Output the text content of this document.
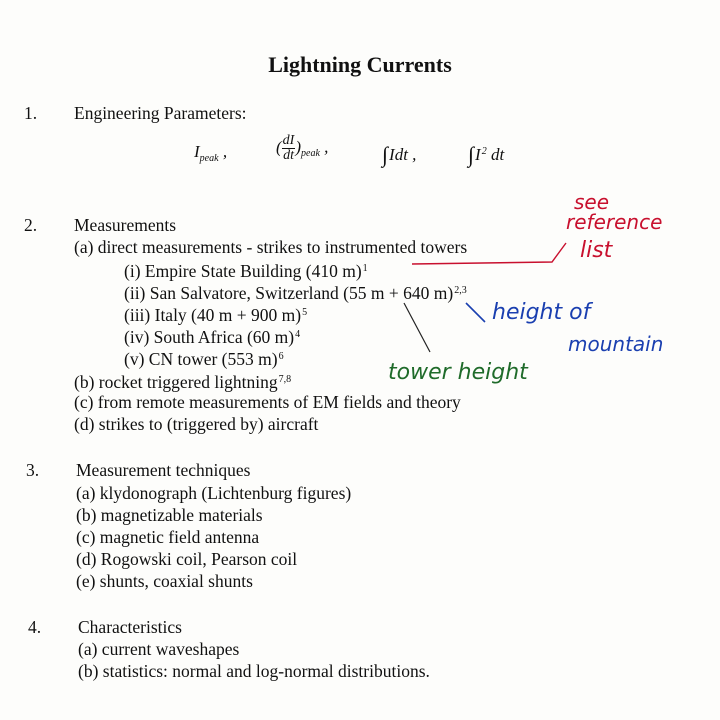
Lightning Currents
1. Engineering Parameters:
$I_{peak}$ ,	( $\frac{dI}{dt} )_{peak}$ , ∫Idt , $\int I^2$ dt
2. Measurements
(a) direct measurements - strikes to instrumented towers
(i) Empire State Building (410 m)$^1$
(ii) San Salvatore, Switzerland (55 m + 640 m)$^{2,3}$
(iii) Italy (40 m + 900 m)$^5$
(iv) South Africa (60 m)$^4$
(v) CN tower (553 m)$^6$
(b) rocket triggered lightning$^{7,8}$
(c) from remote measurements of EM fields and theory
(d) strikes to (triggered by) aircraft
3. Measurement techniques
(a) klydonograph (Lichtenburg figures)
(b) magnetizable materials
(c) magnetic field antenna
(d) Rogowski coil, Pearson coil
(e) shunts, coaxial shunts
4. Characteristics
(a) current waveshapes
(b) statistics: normal and log-normal distributions.
see
reference
list
height of
mountain
tower height
